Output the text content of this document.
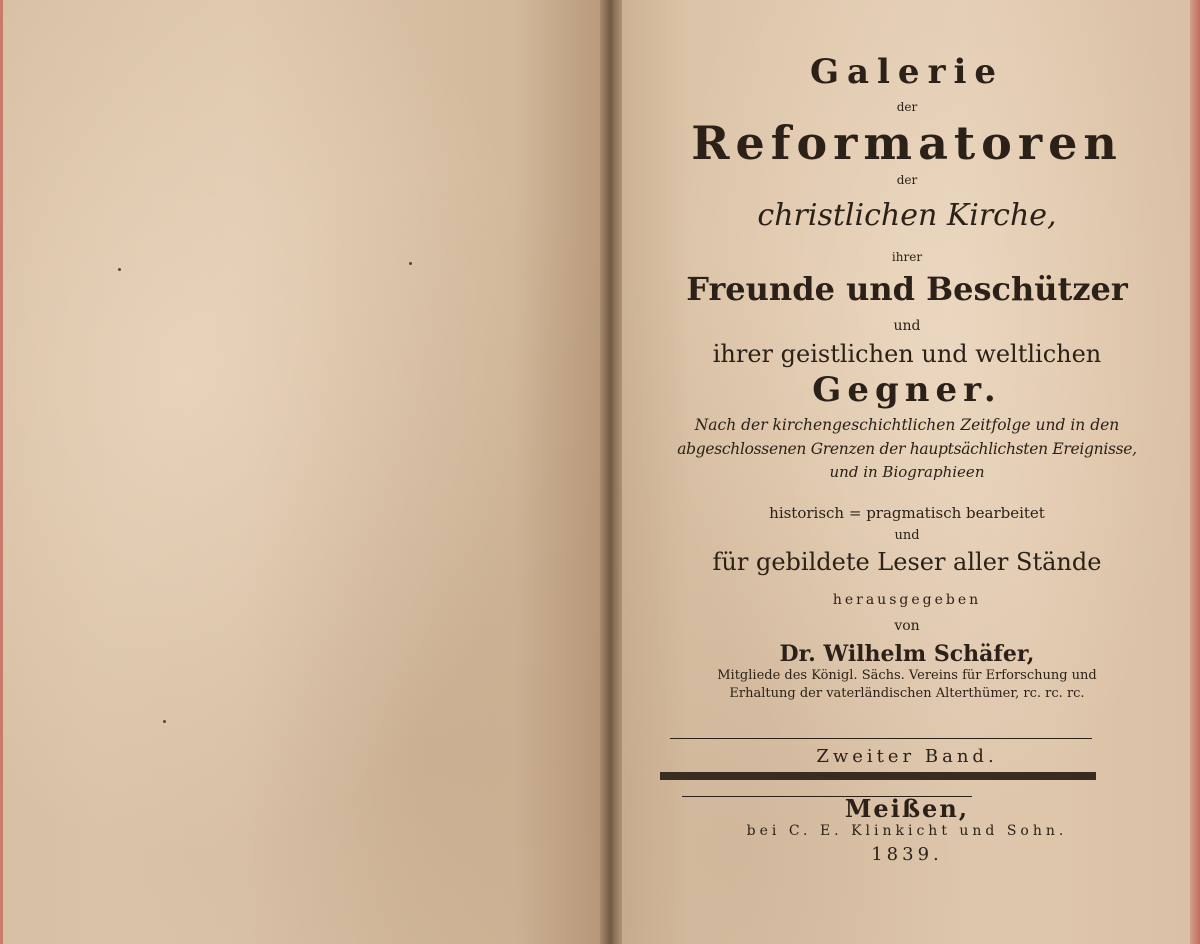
Galerie
der
Reformatoren
der
christlichen Kirche,
ihrer
Freunde und Beschützer
und
ihrer geistlichen und weltlichen
Gegner.
Nach der kirchengeschichtlichen Zeitfolge und in den
abgeschlossenen Grenzen der hauptsächlichsten Ereignisse,
und in Biographieen
historisch = pragmatisch bearbeitet
und
für gebildete Leser aller Stände
herausgegeben
von
Dr. Wilhelm Schäfer,
Mitgliede des Königl. Sächs. Vereins für Erforschung und
Erhaltung der vaterländischen Alterthümer, rc. rc. rc.
Zweiter Band.
Meißen,
bei C. E. Klinkicht und Sohn.
1839.
